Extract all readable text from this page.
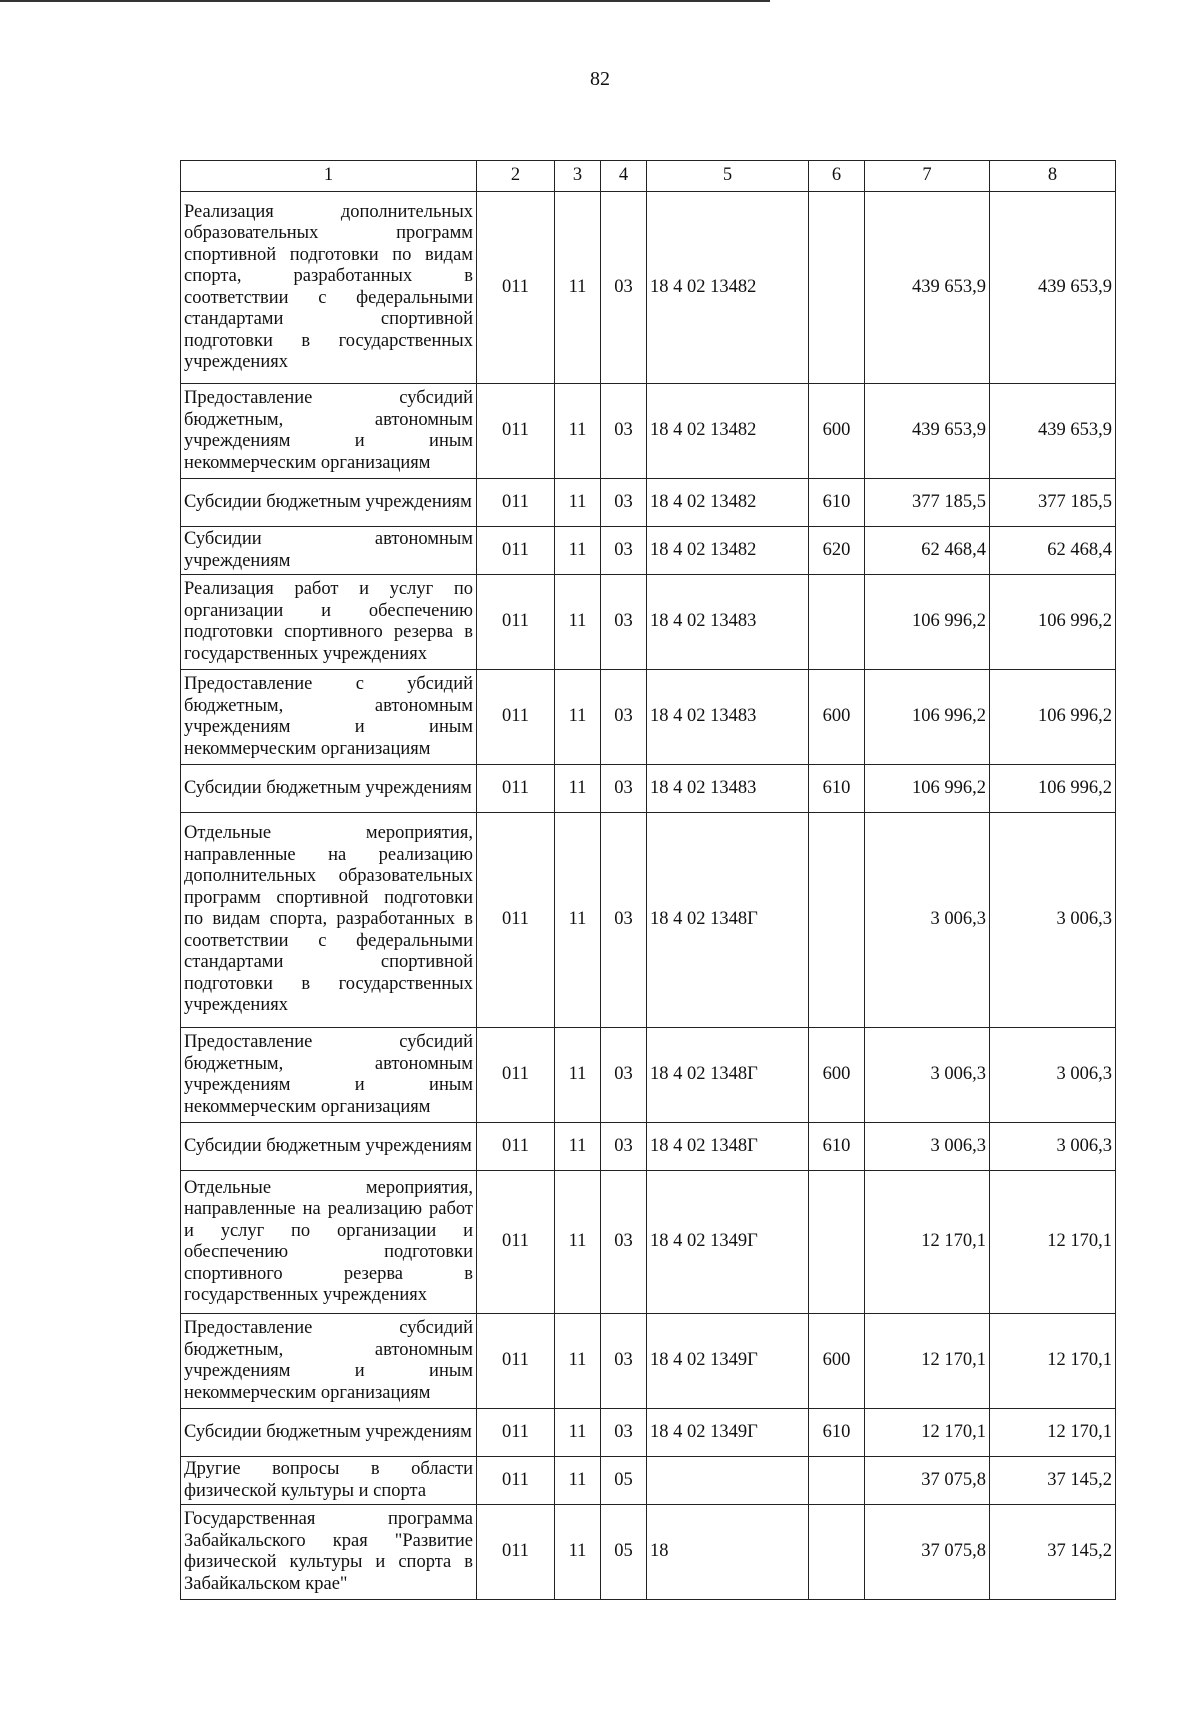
82
1	2	3	4	5	6	7	8
Реализация дополнительных образовательных программ спортивной подготовки по видам спорта, разработанных в соответствии с федеральными стандартами спортивной подготовки в государственных учреждениях	011	11	03	18 4 02 13482		439 653,9	439 653,9
Предоставление субсидий бюджетным, автономным учреждениям и иным некоммерческим организациям	011	11	03	18 4 02 13482	600	439 653,9	439 653,9
Субсидии бюджетным учреждениям	011	11	03	18 4 02 13482	610	377 185,5	377 185,5
Субсидии автономным учреждениям	011	11	03	18 4 02 13482	620	62 468,4	62 468,4
Реализация работ и услуг по организации и обеспечению подготовки спортивного резерва в государственных учреждениях	011	11	03	18 4 02 13483		106 996,2	106 996,2
Предоставление с убсидий бюджетным, автономным учреждениям и иным некоммерческим организациям	011	11	03	18 4 02 13483	600	106 996,2	106 996,2
Субсидии бюджетным учреждениям	011	11	03	18 4 02 13483	610	106 996,2	106 996,2
Отдельные мероприятия, направленные на реализацию дополнительных образовательных программ спортивной подготовки по видам спорта, разработанных в соответствии с федеральными стандартами спортивной подготовки в государственных учреждениях	011	11	03	18 4 02 1348Г		3 006,3	3 006,3
Предоставление субсидий бюджетным, автономным учреждениям и иным некоммерческим организациям	011	11	03	18 4 02 1348Г	600	3 006,3	3 006,3
Субсидии бюджетным учреждениям	011	11	03	18 4 02 1348Г	610	3 006,3	3 006,3
Отдельные мероприятия, направленные на реализацию работ и услуг по организации и обеспечению подготовки спортивного резерва в государственных учреждениях	011	11	03	18 4 02 1349Г		12 170,1	12 170,1
Предоставление субсидий бюджетным, автономным учреждениям и иным некоммерческим организациям	011	11	03	18 4 02 1349Г	600	12 170,1	12 170,1
Субсидии бюджетным учреждениям	011	11	03	18 4 02 1349Г	610	12 170,1	12 170,1
Другие вопросы в области физической культуры и спорта	011	11	05			37 075,8	37 145,2
Государственная программа Забайкальского края "Развитие физической культуры и спорта в Забайкальском крае"	011	11	05	18		37 075,8	37 145,2
